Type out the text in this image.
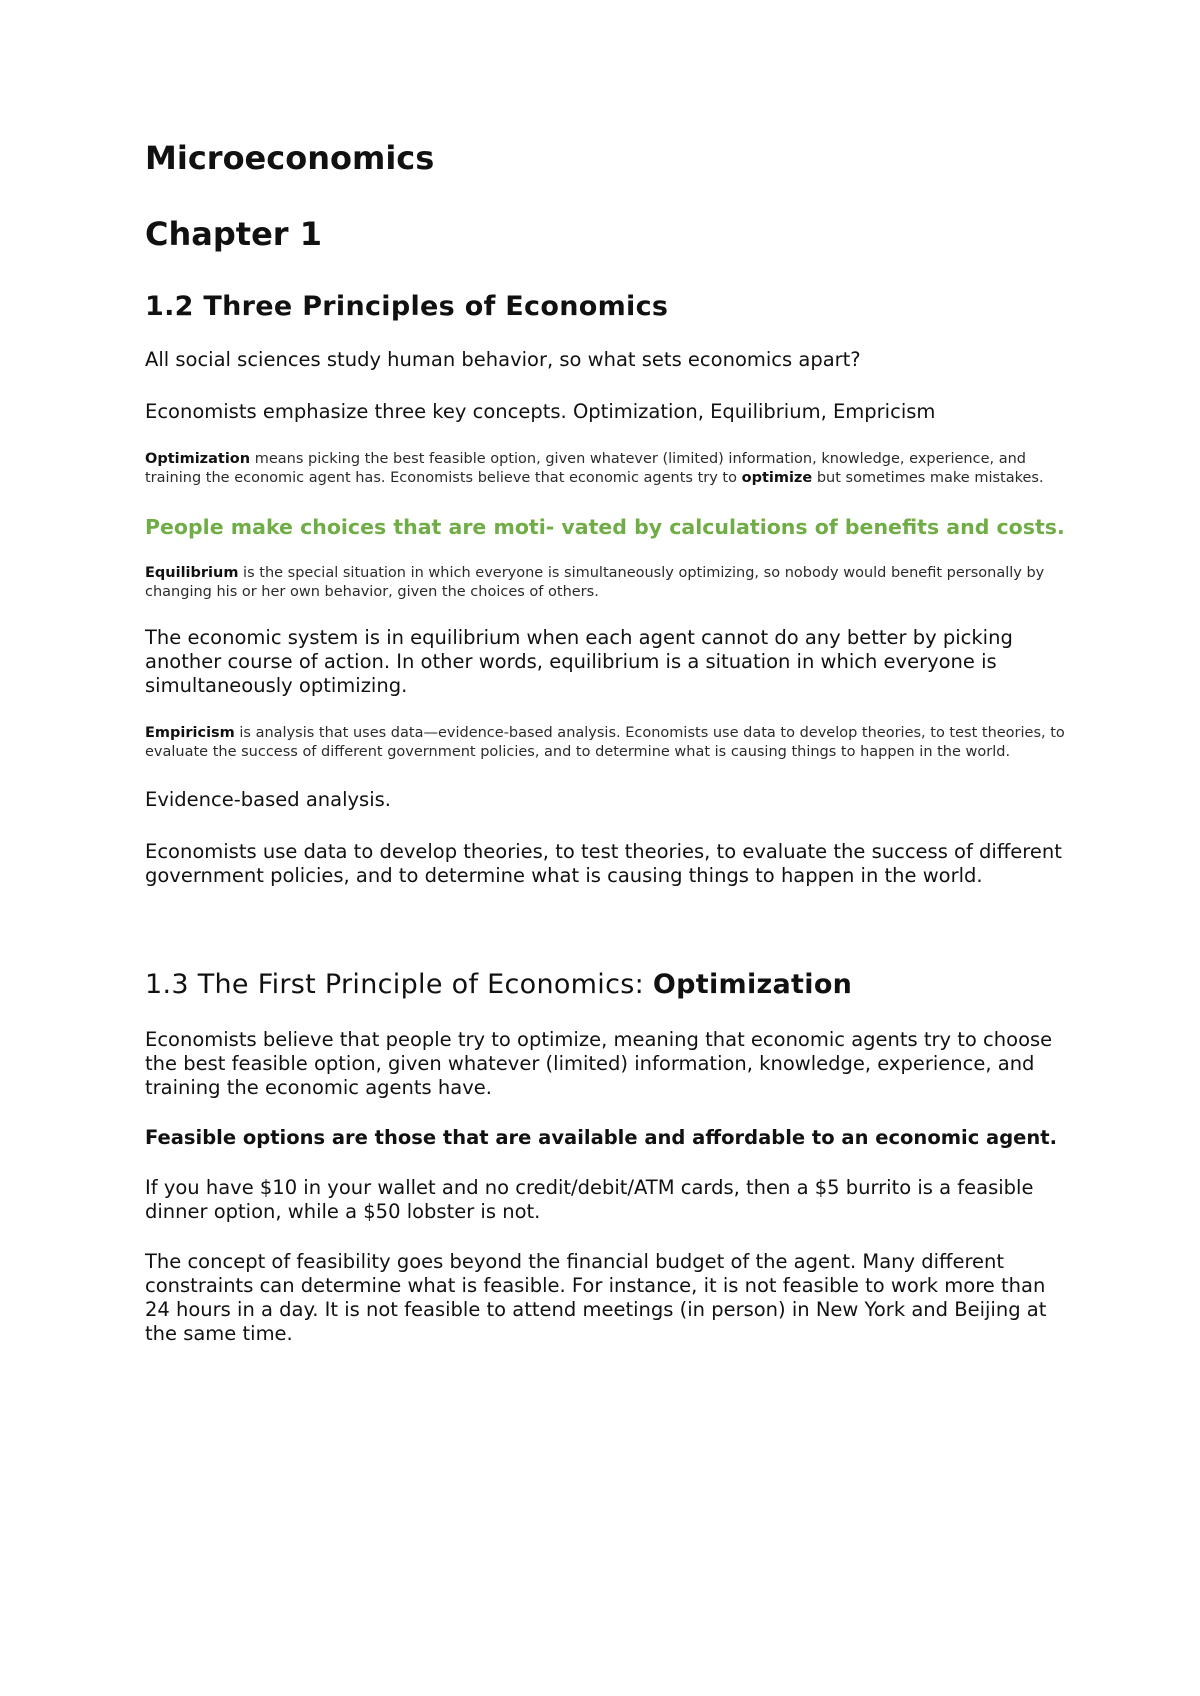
Microeconomics
Chapter 1
1.2 Three Principles of Economics

All social sciences study human behavior, so what sets economics apart?

Economists emphasize three key concepts. Optimization, Equilibrium, Empricism

Optimization means picking the best feasible option, given whatever (limited) information, knowledge, experience, and training the economic agent has. Economists believe that economic agents try to optimize but sometimes make mistakes.

People make choices that are moti- vated by calculations of benefits and costs.

Equilibrium is the special situation in which everyone is simultaneously optimizing, so nobody would benefit personally by changing his or her own behavior, given the choices of others.

The economic system is in equilibrium when each agent cannot do any better by picking another course of action. In other words, equilibrium is a situation in which everyone is simultaneously optimizing.

Empiricism is analysis that uses data—evidence-based analysis. Economists use data to develop theories, to test theories, to evaluate the success of different government policies, and to determine what is causing things to happen in the world.

Evidence-based analysis.

Economists use data to develop theories, to test theories, to evaluate the success of different government policies, and to determine what is causing things to happen in the world.

1.3 The First Principle of Economics: Optimization

Economists believe that people try to optimize, meaning that economic agents try to choose the best feasible option, given whatever (limited) information, knowledge, experience, and training the economic agents have.

Feasible options are those that are available and affordable to an economic agent.

If you have $10 in your wallet and no credit/debit/ATM cards, then a $5 burrito is a feasible dinner option, while a $50 lobster is not.

The concept of feasibility goes beyond the financial budget of the agent. Many different constraints can determine what is feasible. For instance, it is not feasible to work more than 24 hours in a day. It is not feasible to attend meetings (in person) in New York and Beijing at the same time.
